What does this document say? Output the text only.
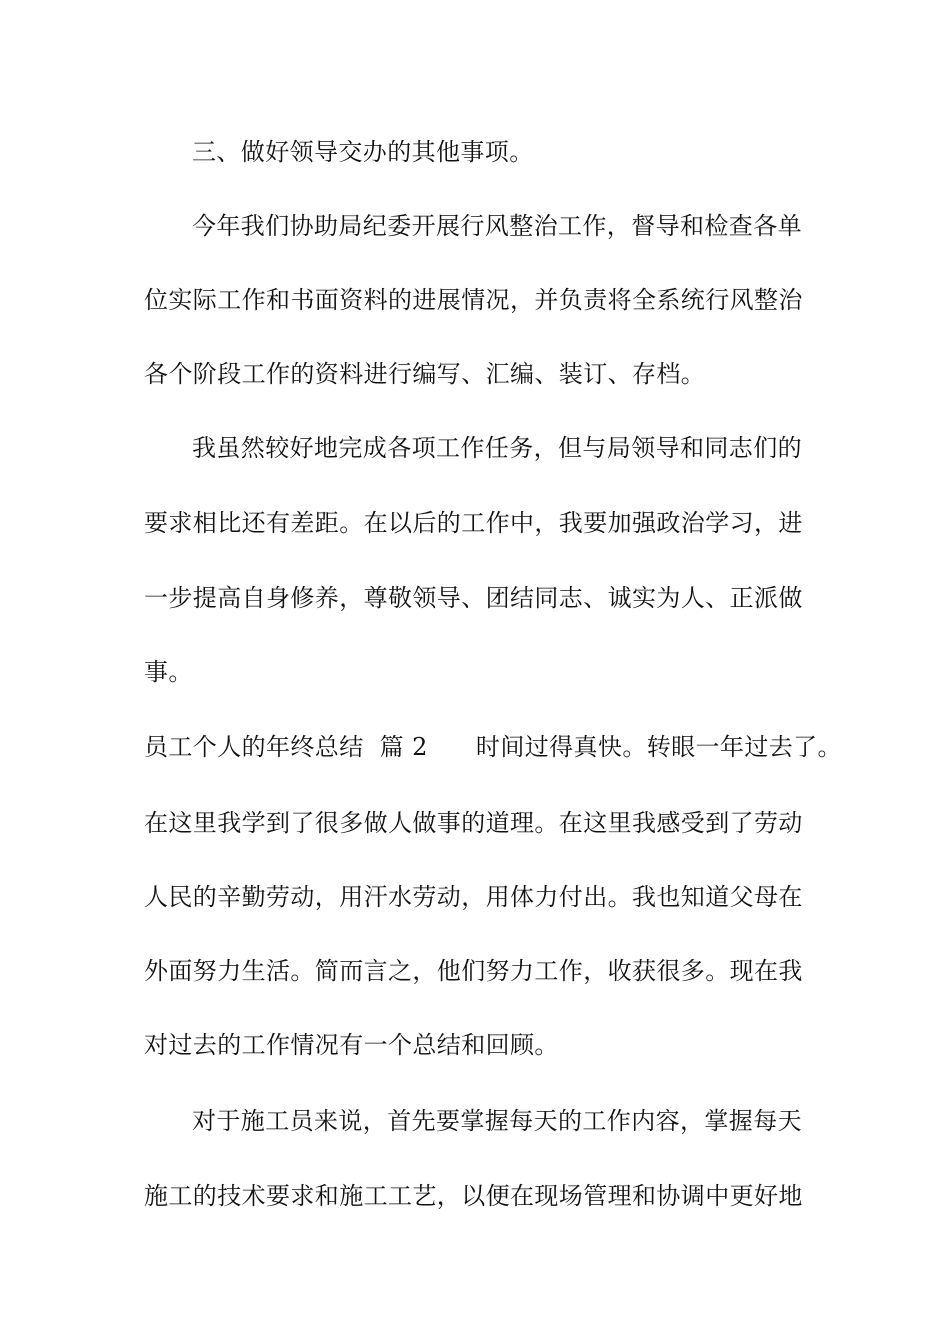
三、做好领导交办的其他事项。
今年我们协助局纪委开展行风整治工作，督导和检查各单
位实际工作和书面资料的进展情况，并负责将全系统行风整治
各个阶段工作的资料进行编写、汇编、装订、存档。
我虽然较好地完成各项工作任务，但与局领导和同志们的
要求相比还有差距。在以后的工作中，我要加强政治学习，进
一步提高自身修养，尊敬领导、团结同志、诚实为人、正派做
事。
员工个人的年终总结  篇 2      时间过得真快。转眼一年过去了。
在这里我学到了很多做人做事的道理。在这里我感受到了劳动
人民的辛勤劳动，用汗水劳动，用体力付出。我也知道父母在
外面努力生活。简而言之，他们努力工作，收获很多。现在我
对过去的工作情况有一个总结和回顾。
对于施工员来说，首先要掌握每天的工作内容，掌握每天
施工的技术要求和施工工艺，以便在现场管理和协调中更好地
